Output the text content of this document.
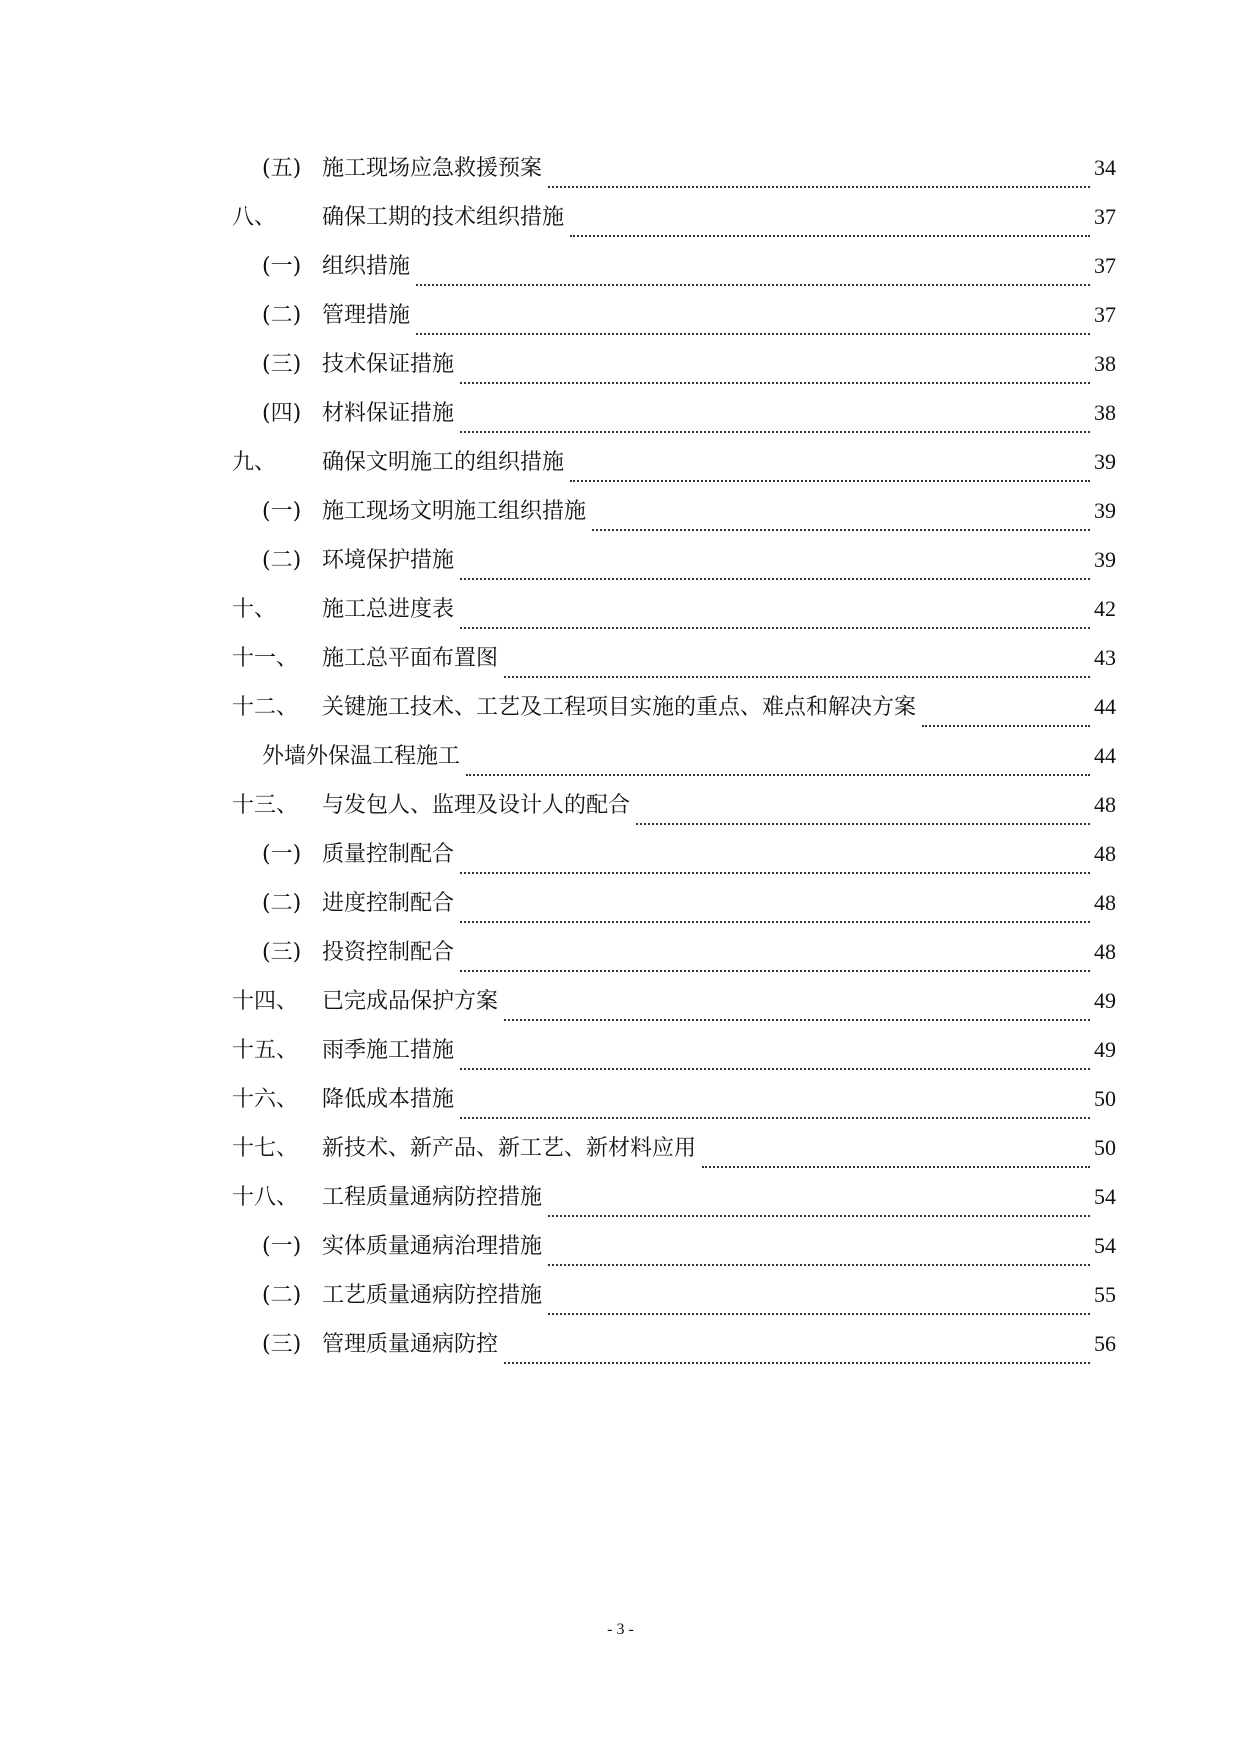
(五) 施工现场应急救援预案	34
八、	确保工期的技术组织措施	37
(一) 组织措施	37
(二) 管理措施	37
(三) 技术保证措施	38
(四) 材料保证措施	38
九、	确保文明施工的组织措施	39
(一) 施工现场文明施工组织措施	39
(二) 环境保护措施	39
十、	施工总进度表	42
十一、	施工总平面布置图	43
十二、	关键施工技术、工艺及工程项目实施的重点、难点和解决方案	44
外墙外保温工程施工	44
十三、	与发包人、监理及设计人的配合	48
(一) 质量控制配合	48
(二) 进度控制配合	48
(三) 投资控制配合	48
十四、	已完成品保护方案	49
十五、	雨季施工措施	49
十六、	降低成本措施	50
十七、	新技术、新产品、新工艺、新材料应用	50
十八、	工程质量通病防控措施	54
(一) 实体质量通病治理措施	54
(二) 工艺质量通病防控措施	55
(三) 管理质量通病防控	56
- 3 -
